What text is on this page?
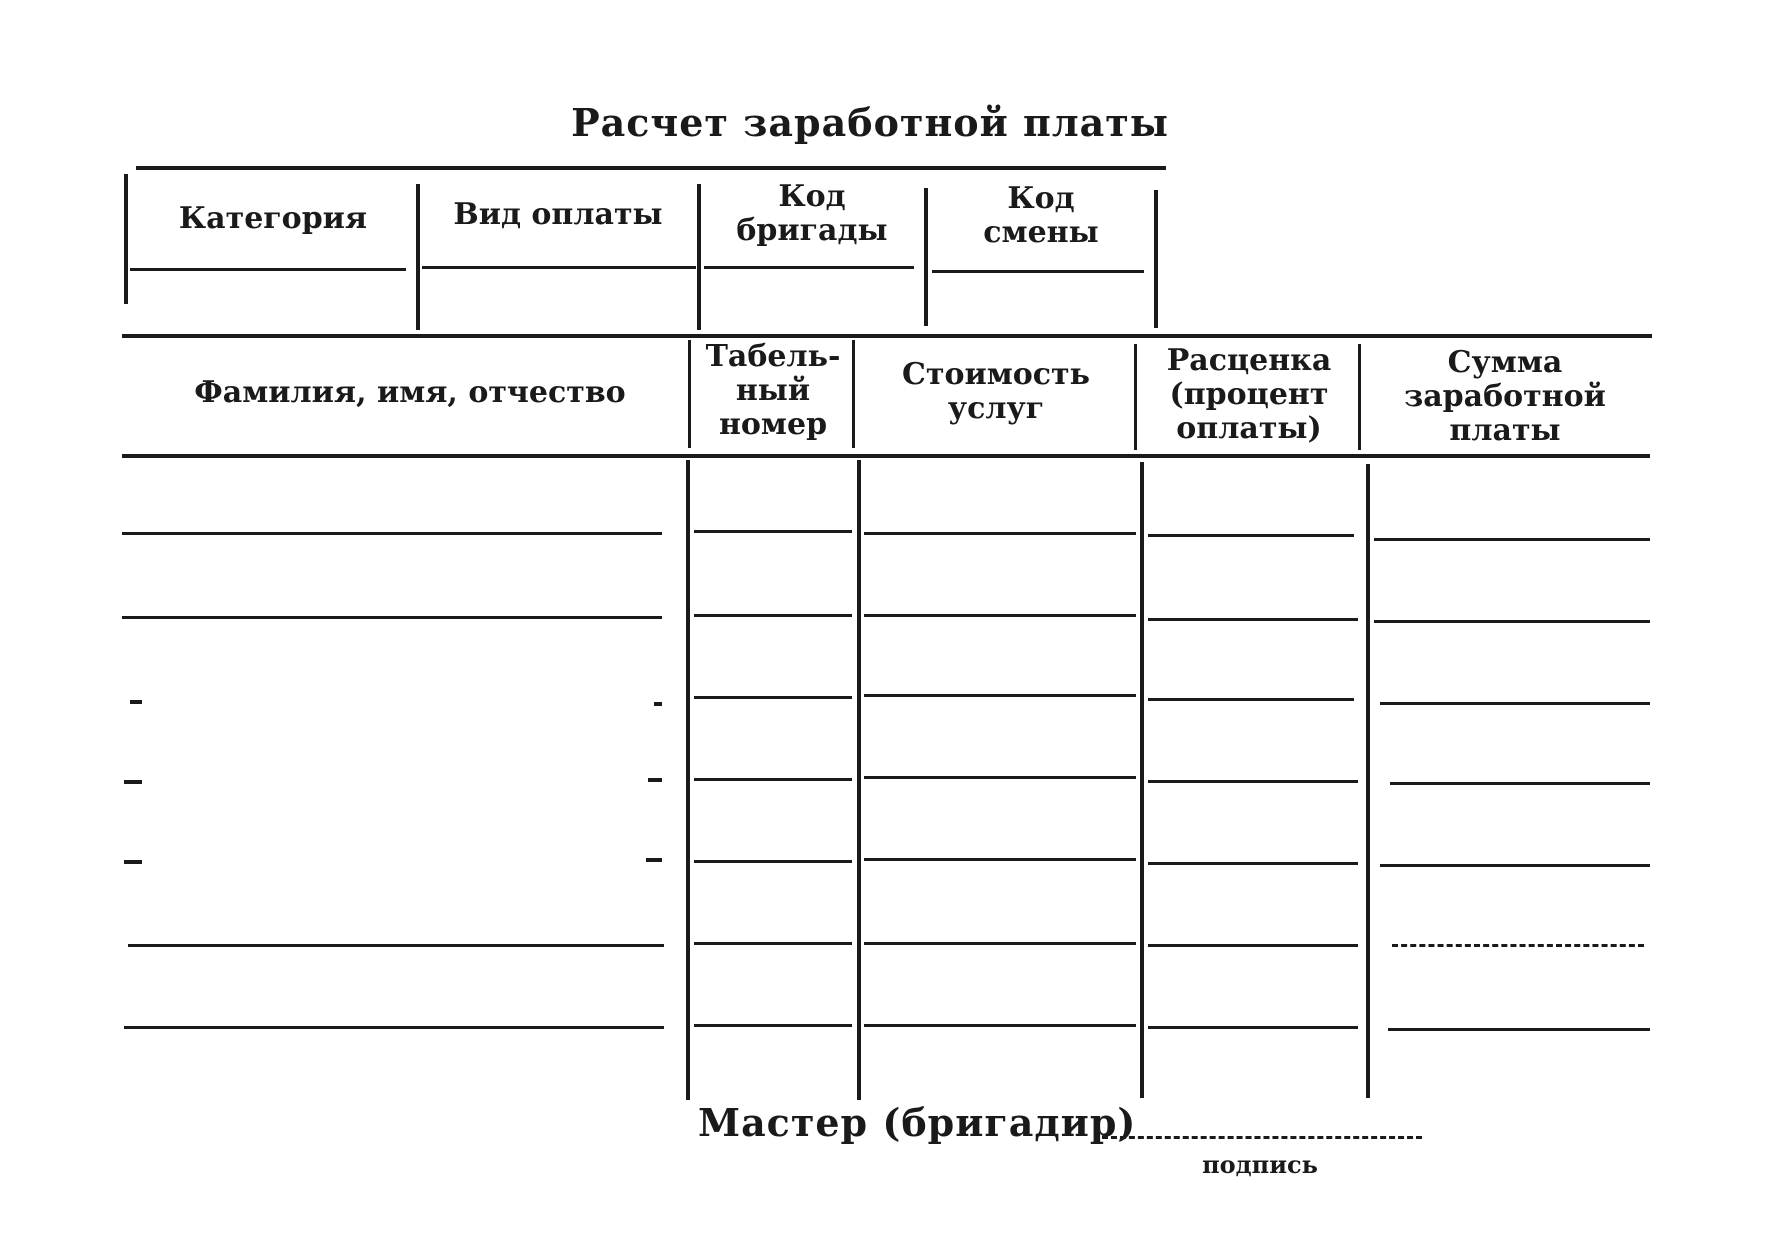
Расчет заработной платы
Категория	Вид оплаты
Код
бригады
Код
смены
Фамилия, имя, отчество
Табель-
ный
номер
Стоимость
услуг
Расценка
(процент
оплаты)
Сумма
заработной
платы
Мастер (бригадир)
подпись
